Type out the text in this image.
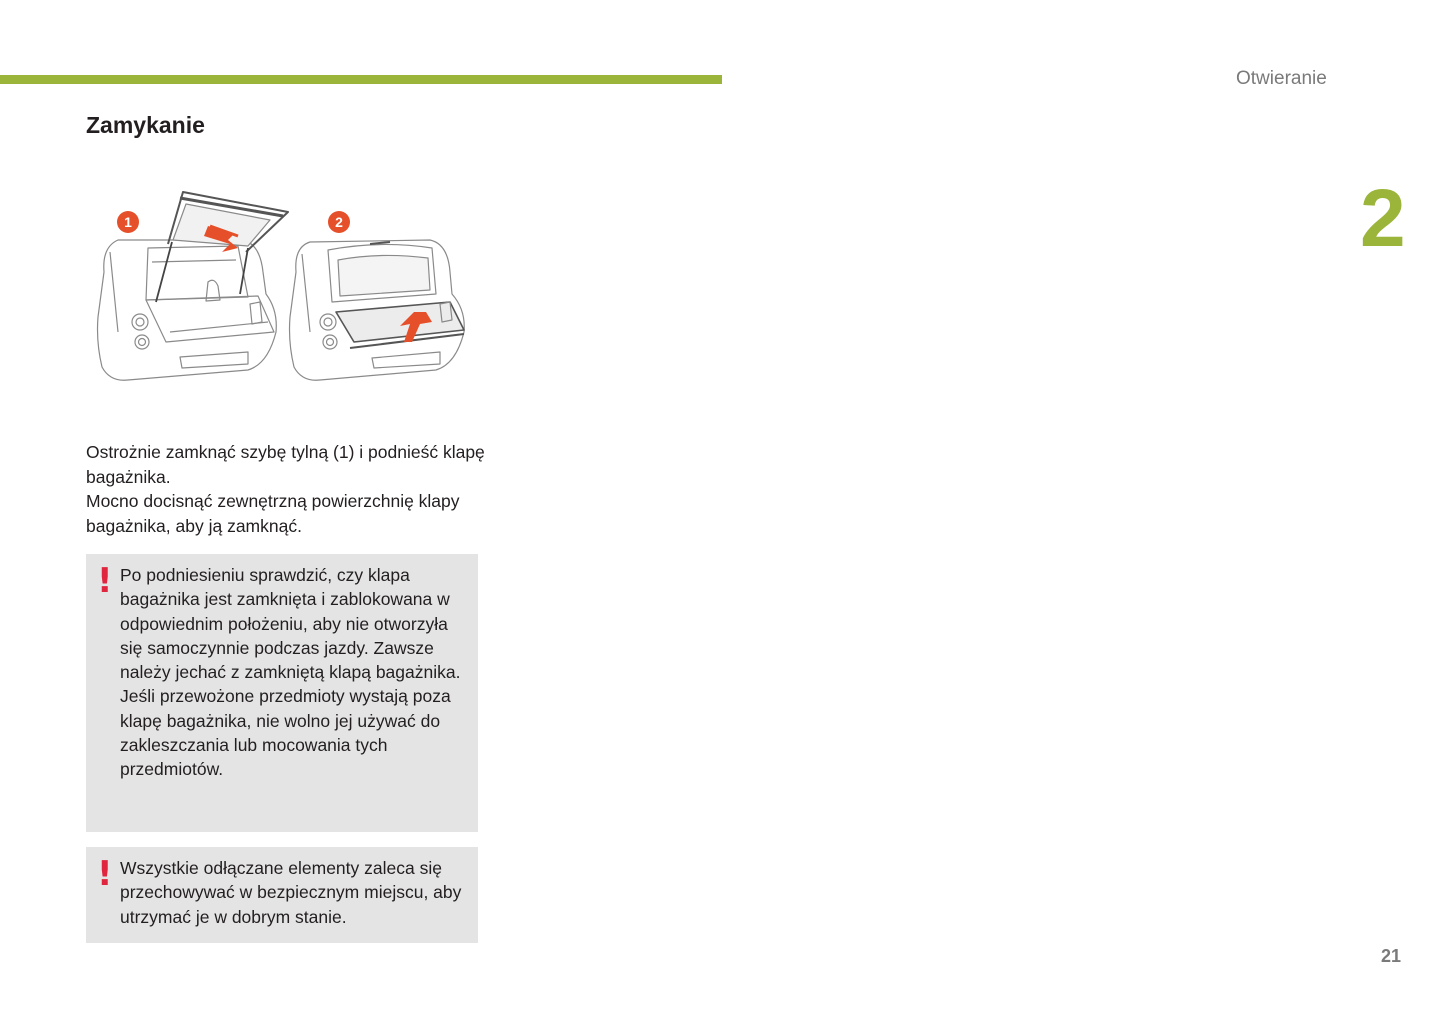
Otwieranie
2
Zamykanie
1	2

Ostrożnie zamknąć szybę tylną (1) i podnieść klapę bagażnika.

Mocno docisnąć zewnętrzną powierzchnię klapy bagażnika, aby ją zamknąć.

! Po podniesieniu sprawdzić, czy klapa bagażnika jest zamknięta i zablokowana w odpowiednim położeniu, aby nie otworzyła się samoczynnie podczas jazdy. Zawsze należy jechać z zamkniętą klapą bagażnika.

Jeśli przewożone przedmioty wystają poza klapę bagażnika, nie wolno jej używać do zakleszczania lub mocowania tych przedmiotów.

! Wszystkie odłączane elementy zaleca się przechowywać w bezpiecznym miejscu, aby utrzymać je w dobrym stanie.

21
